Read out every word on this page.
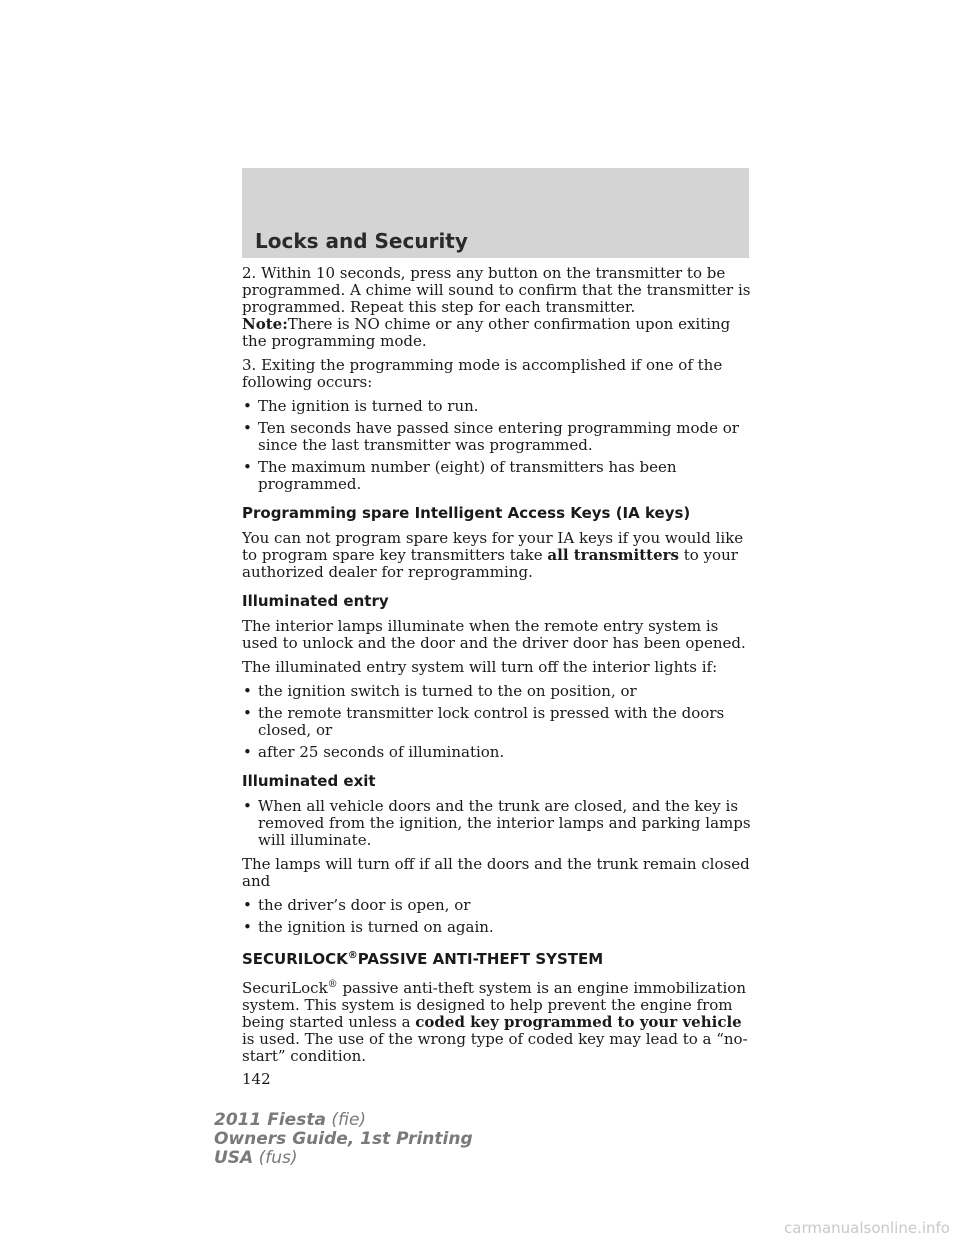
Locks and Security

2. Within 10 seconds, press any button on the transmitter to be programmed. A chime will sound to confirm that the transmitter is programmed. Repeat this step for each transmitter.

Note:There is NO chime or any other confirmation upon exiting the programming mode.

3. Exiting the programming mode is accomplished if one of the following occurs:

• The ignition is turned to run.
• Ten seconds have passed since entering programming mode or since the last transmitter was programmed.
• The maximum number (eight) of transmitters has been programmed.
Programming spare Intelligent Access Keys (IA keys)

You can not program spare keys for your IA keys if you would like to program spare key transmitters take all transmitters to your authorized dealer for reprogramming.

Illuminated entry

The interior lamps illuminate when the remote entry system is used to unlock and the door and the driver door has been opened.

The illuminated entry system will turn off the interior lights if:

• the ignition switch is turned to the on position, or
• the remote transmitter lock control is pressed with the doors closed, or
• after 25 seconds of illumination.
Illuminated exit
• When all vehicle doors and the trunk are closed, and the key is removed from the ignition, the interior lamps and parking lamps will illuminate.

The lamps will turn off if all the doors and the trunk remain closed and

• the driver’s door is open, or
• the ignition is turned on again.
SECURILOCK®PASSIVE ANTI-THEFT SYSTEM

SecuriLock® passive anti-theft system is an engine immobilization system. This system is designed to help prevent the engine from being started unless a coded key programmed to your vehicle is used. The use of the wrong type of coded key may lead to a “no-start” condition.

142
2011 Fiesta (fie)
Owners Guide, 1st Printing
USA (fus)
carmanualsonline.info
